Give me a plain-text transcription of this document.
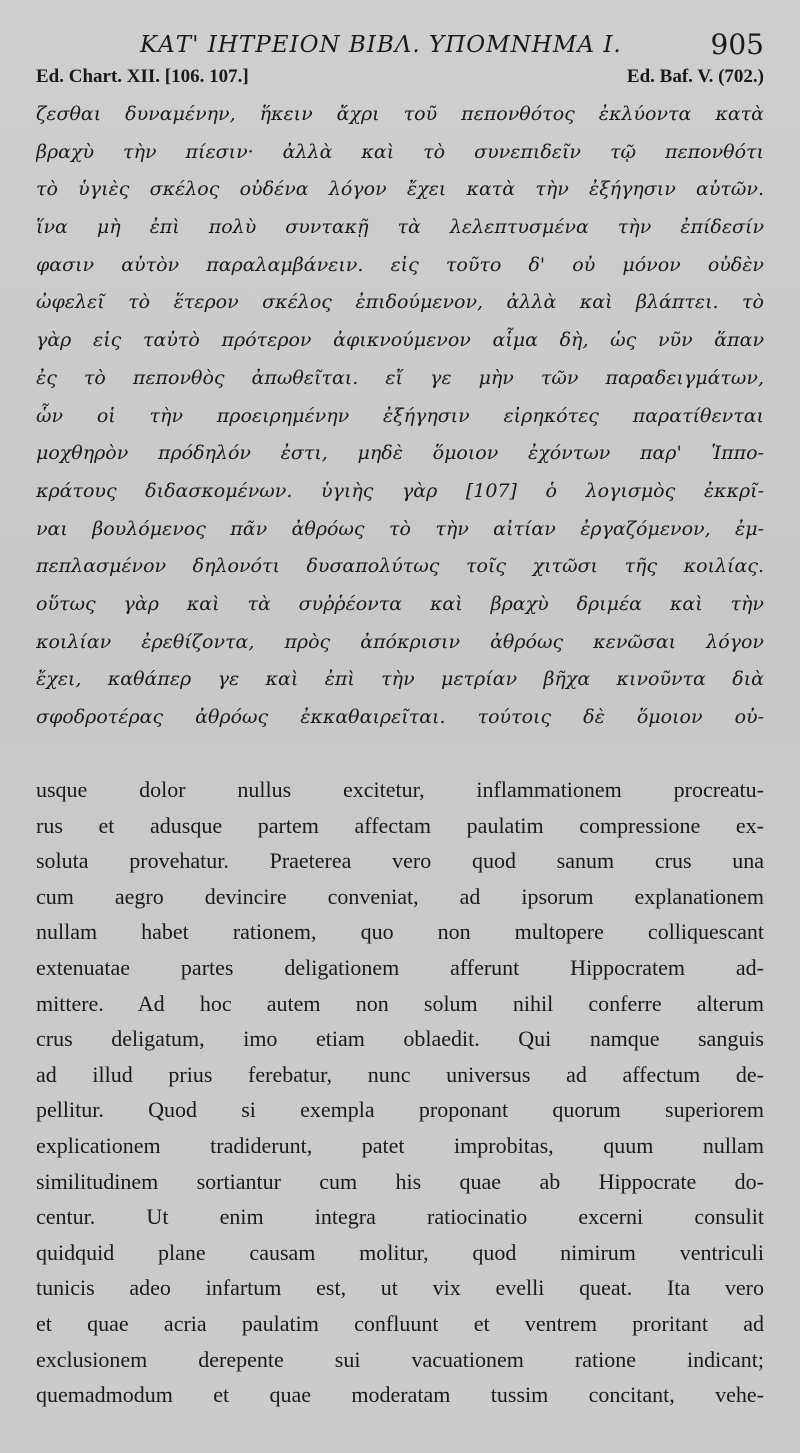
ΚΑΤ' ΙΗΤΡΕΙΟΝ ΒΙΒΛ. ΥΠΟΜΝΗΜΑ Ι.	905
Ed. Chart. XII. [106. 107.]	Ed. Baf. V. (702.)
ζεσθαι δυναμένην, ἥκειν ἄχρι τοῦ πεπονθότος ἐκλύοντα κατὰ
βραχὺ τὴν πίεσιν· ἀλλὰ καὶ τὸ συνεπιδεῖν τῷ πεπονθότι
τὸ ὑγιὲς σκέλος οὐδένα λόγον ἔχει κατὰ τὴν ἐξήγησιν αὐτῶν.
ἵνα μὴ ἐπὶ πολὺ συντακῇ τὰ λελεπτυσμένα τὴν ἐπίδεσίν
φασιν αὐτὸν παραλαμβάνειν. εἰς τοῦτο δ' οὐ μόνον οὐδὲν
ὠφελεῖ τὸ ἕτερον σκέλος ἐπιδούμενον, ἀλλὰ καὶ βλάπτει. τὸ
γὰρ εἰς ταὐτὸ πρότερον ἀφικνούμενον αἷμα δὴ, ὡς νῦν ἅπαν
ἐς τὸ πεπονθὸς ἀπωθεῖται. εἴ γε μὴν τῶν παραδειγμάτων,
ὧν οἱ τὴν προειρημένην ἐξήγησιν εἰρηκότες παρατίθενται
μοχθηρὸν πρόδηλόν ἐστι, μηδὲ ὅμοιον ἐχόντων παρ' Ἱππο-
κράτους διδασκομένων. ὑγιὴς γὰρ [107] ὁ λογισμὸς ἐκκρῖ-
ναι βουλόμενος πᾶν ἀθρόως τὸ τὴν αἰτίαν ἐργαζόμενον, ἐμ-
πεπλασμένον δηλονότι δυσαπολύτως τοῖς χιτῶσι τῆς κοιλίας.
οὕτως γὰρ καὶ τὰ συῤῥέοντα καὶ βραχὺ δριμέα καὶ τὴν
κοιλίαν ἐρεθίζοντα, πρὸς ἀπόκρισιν ἀθρόως κενῶσαι λόγον
ἔχει, καθάπερ γε καὶ ἐπὶ τὴν μετρίαν βῆχα κινοῦντα διὰ
σφοδροτέρας ἀθρόως ἐκκαθαιρεῖται. τούτοις δὲ ὅμοιον οὐ-
usque dolor nullus excitetur, inflammationem procreatu-
rus et adusque partem affectam paulatim compressione ex-
soluta provehatur. Praeterea vero quod sanum crus una
cum aegro devincire conveniat, ad ipsorum explanationem
nullam habet rationem, quo non multopere colliquescant
extenuatae partes deligationem afferunt Hippocratem ad-
mittere. Ad hoc autem non solum nihil conferre alterum
crus deligatum, imo etiam oblaedit. Qui namque sanguis
ad illud prius ferebatur, nunc universus ad affectum de-
pellitur. Quod si exempla proponant quorum superiorem
explicationem tradiderunt, patet improbitas, quum nullam
similitudinem sortiantur cum his quae ab Hippocrate do-
centur. Ut enim integra ratiocinatio excerni consulit
quidquid plane causam molitur, quod nimirum ventriculi
tunicis adeo infartum est, ut vix evelli queat. Ita vero
et quae acria paulatim confluunt et ventrem proritant ad
exclusionem derepente sui vacuationem ratione indicant;
quemadmodum et quae moderatam tussim concitant, vehe-
